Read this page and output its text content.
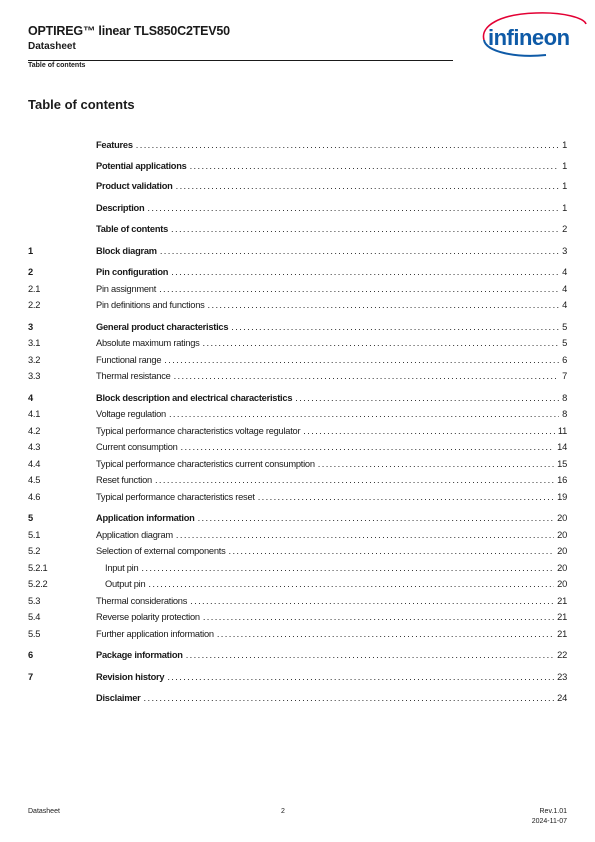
OPTIREG™ linear TLS850C2TEV50
Datasheet
Table of contents
infineon
Table of contents
Features . . .	1
Potential applications . . .	1
Product validation . . .	1
Description . . .	1
Table of contents . . .	2
1	Block diagram . . .	3
2	Pin configuration . . .	4
2.1	Pin assignment . . .	4
2.2	Pin definitions and functions . . .	4
3	General product characteristics . . .	5
3.1	Absolute maximum ratings . . .	5
3.2	Functional range . . .	6
3.3	Thermal resistance . . .	7
4	Block description and electrical characteristics . . .	8
4.1	Voltage regulation . . .	8
4.2	Typical performance characteristics voltage regulator . . .	11
4.3	Current consumption . . .	14
4.4	Typical performance characteristics current consumption . . .	15
4.5	Reset function . . .	16
4.6	Typical performance characteristics reset . . .	19
5	Application information . . .	20
5.1	Application diagram . . .	20
5.2	Selection of external components . . .	20
5.2.1	Input pin . . .	20
5.2.2	Output pin . . .	20
5.3	Thermal considerations . . .	21
5.4	Reverse polarity protection . . .	21
5.5	Further application information . . .	21
6	Package information . . .	22
7	Revision history . . .	23
Disclaimer . . .	24
Datasheet	2	Rev.1.01
2024-11-07
